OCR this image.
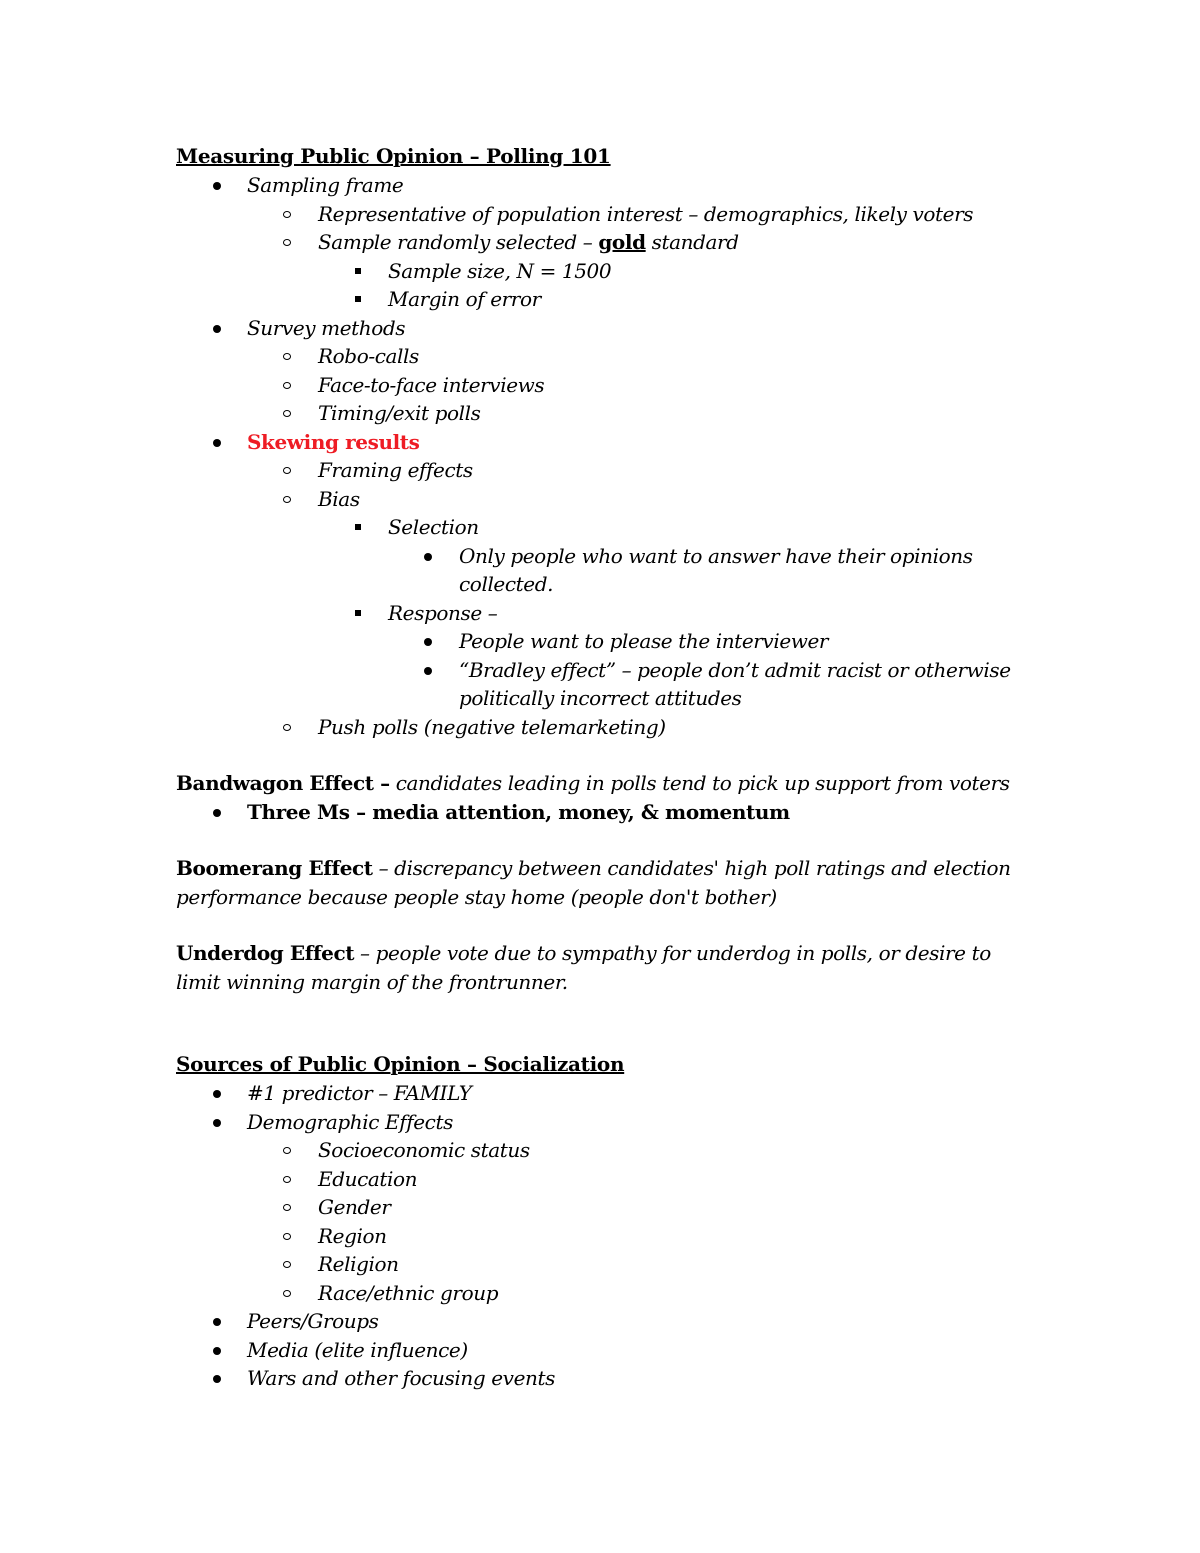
Measuring Public Opinion – Polling 101
Sampling frame
Representative of population interest – demographics, likely voters
Sample randomly selected – gold standard
Sample size, N = 1500
Margin of error
Survey methods
Robo-calls
Face-to-face interviews
Timing/exit polls
Skewing results
Framing effects
Bias
Selection
Only people who want to answer have their opinions collected.
Response –
People want to please the interviewer
“Bradley effect” – people don’t admit racist or otherwise politically incorrect attitudes
Push polls (negative telemarketing)
Bandwagon Effect – candidates leading in polls tend to pick up support from voters
Three Ms – media attention, money, & momentum
Boomerang Effect – discrepancy between candidates' high poll ratings and election performance because people stay home (people don't bother)
Underdog Effect – people vote due to sympathy for underdog in polls, or desire to limit winning margin of the frontrunner.
Sources of Public Opinion – Socialization
#1 predictor – FAMILY
Demographic Effects
Socioeconomic status
Education
Gender
Region
Religion
Race/ethnic group
Peers/Groups
Media (elite influence)
Wars and other focusing events
